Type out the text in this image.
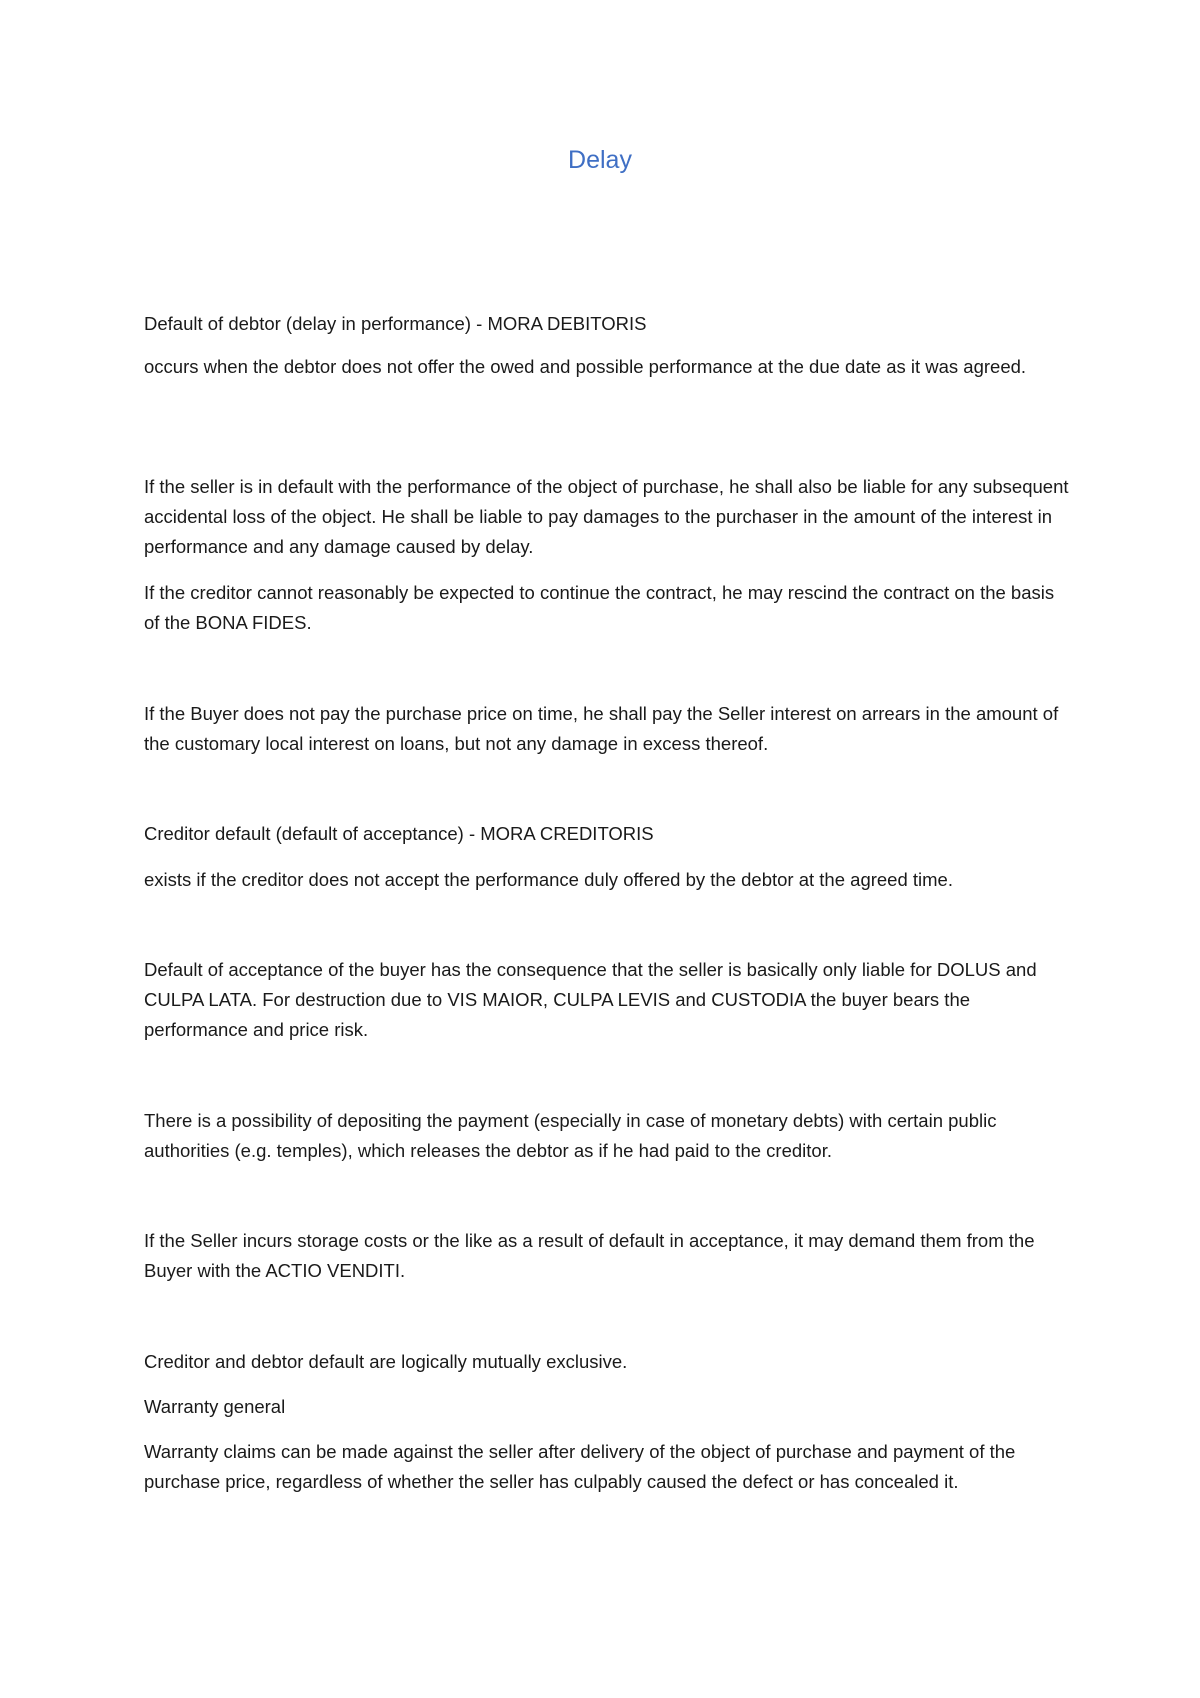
Delay

Default of debtor (delay in performance) - MORA DEBITORIS

occurs when the debtor does not offer the owed and possible performance at the due date as it was agreed.

If the seller is in default with the performance of the object of purchase, he shall also be liable for any subsequent accidental loss of the object. He shall be liable to pay damages to the purchaser in the amount of the interest in performance and any damage caused by delay.

If the creditor cannot reasonably be expected to continue the contract, he may rescind the contract on the basis of the BONA FIDES.

If the Buyer does not pay the purchase price on time, he shall pay the Seller interest on arrears in the amount of the customary local interest on loans, but not any damage in excess thereof.

Creditor default (default of acceptance) - MORA CREDITORIS

exists if the creditor does not accept the performance duly offered by the debtor at the agreed time.

Default of acceptance of the buyer has the consequence that the seller is basically only liable for DOLUS and CULPA LATA. For destruction due to VIS MAIOR, CULPA LEVIS and CUSTODIA the buyer bears the performance and price risk.

There is a possibility of depositing the payment (especially in case of monetary debts) with certain public authorities (e.g. temples), which releases the debtor as if he had paid to the creditor.

If the Seller incurs storage costs or the like as a result of default in acceptance, it may demand them from the Buyer with the ACTIO VENDITI.

Creditor and debtor default are logically mutually exclusive.

Warranty general

Warranty claims can be made against the seller after delivery of the object of purchase and payment of the purchase price, regardless of whether the seller has culpably caused the defect or has concealed it.
